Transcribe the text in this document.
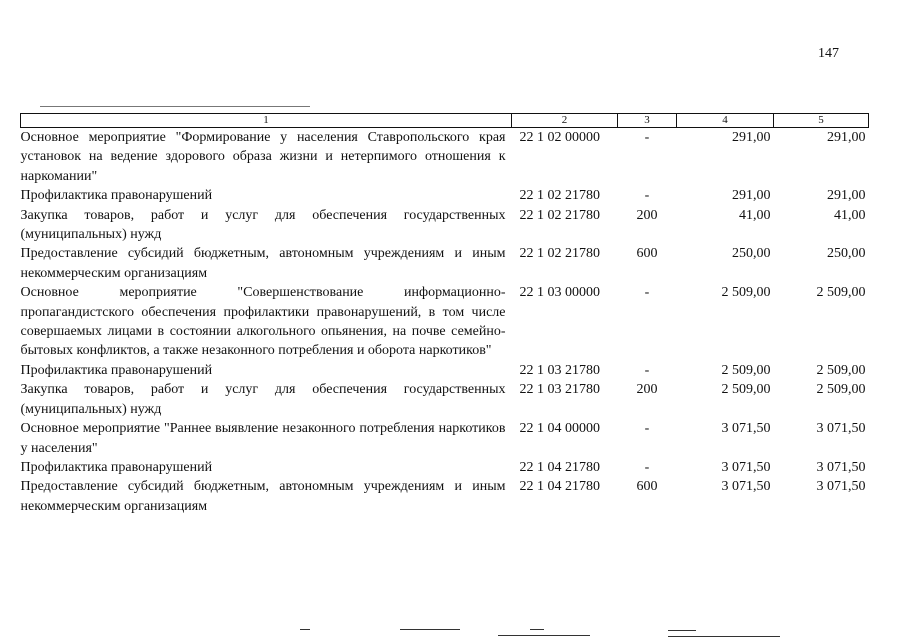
147
1	2	3	4	5
Основное мероприятие "Формирование у населения Ставропольского края установок на ведение здорового образа жизни и нетерпимого отношения к наркомании"	22 1 02 00000	-	291,00	291,00
Профилактика правонарушений	22 1 02 21780	-	291,00	291,00
Закупка товаров, работ и услуг для обеспечения государственных (муниципальных) нужд	22 1 02 21780	200	41,00	41,00
Предоставление субсидий бюджетным, автономным учреждениям и иным некоммерческим организациям	22 1 02 21780	600	250,00	250,00
Основное мероприятие "Совершенствование информационно-пропагандистского обеспечения профилактики правонарушений, в том числе совершаемых лицами в состоянии алкогольного опьянения, на почве семейно-бытовых конфликтов, а также незаконного потребления и оборота наркотиков"	22 1 03 00000	-	2 509,00	2 509,00
Профилактика правонарушений	22 1 03 21780	-	2 509,00	2 509,00
Закупка товаров, работ и услуг для обеспечения государственных (муниципальных) нужд	22 1 03 21780	200	2 509,00	2 509,00
Основное мероприятие "Раннее выявление незаконного потребления наркотиков у населения"	22 1 04 00000	-	3 071,50	3 071,50
Профилактика правонарушений	22 1 04 21780	-	3 071,50	3 071,50
Предоставление субсидий бюджетным, автономным учреждениям и иным некоммерческим организациям	22 1 04 21780	600	3 071,50	3 071,50
